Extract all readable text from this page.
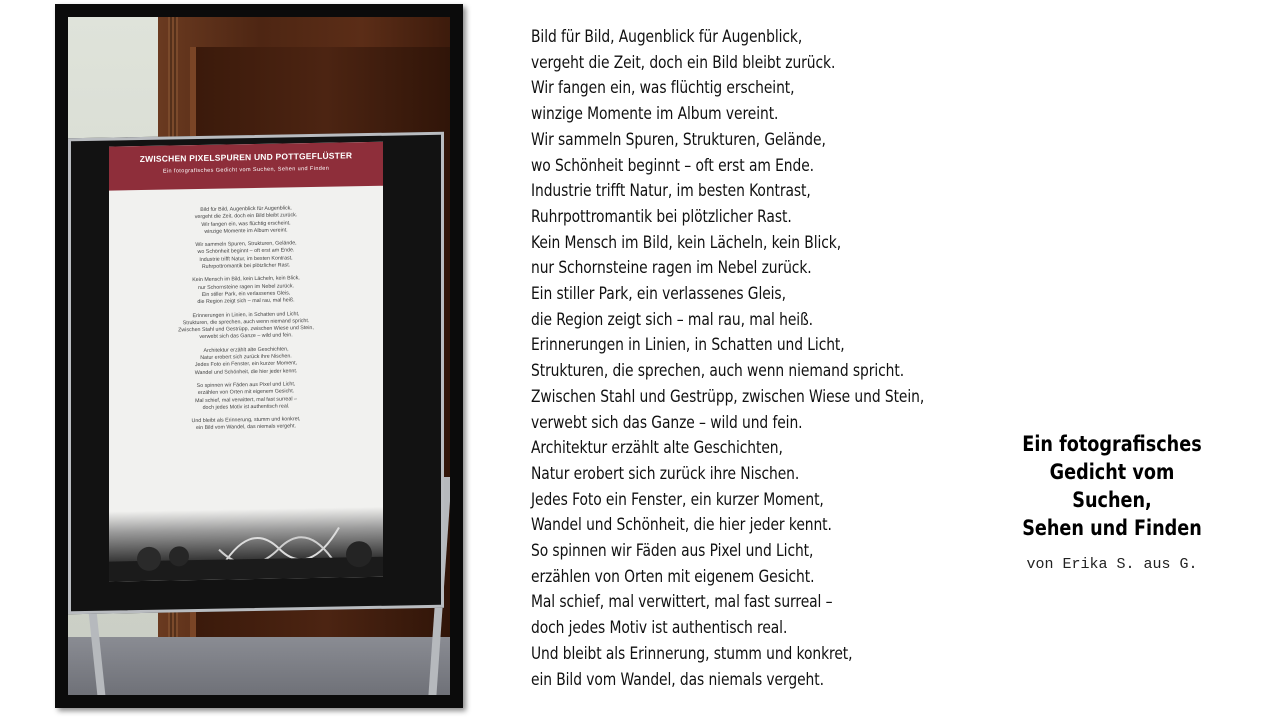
ZWISCHEN PIXELSPUREN UND POTTGEFLÜSTER
Ein fotografisches Gedicht vom Suchen, Sehen und Finden
Bild für Bild, Augenblick für Augenblick,
vergeht die Zeit, doch ein Bild bleibt zurück.
Wir fangen ein, was flüchtig erscheint,
winzige Momente im Album vereint.
Wir sammeln Spuren, Strukturen, Gelände,
wo Schönheit beginnt – oft erst am Ende.
Industrie trifft Natur, im besten Kontrast,
Ruhrpottromantik bei plötzlicher Rast.
Kein Mensch im Bild, kein Lächeln, kein Blick,
nur Schornsteine ragen im Nebel zurück.
Ein stiller Park, ein verlassenes Gleis,
die Region zeigt sich – mal rau, mal heiß.
Erinnerungen in Linien, in Schatten und Licht,
Strukturen, die sprechen, auch wenn niemand spricht.
Zwischen Stahl und Gestrüpp, zwischen Wiese und Stein,
verwebt sich das Ganze – wild und fein.
Architektur erzählt alte Geschichten,
Natur erobert sich zurück ihre Nischen.
Jedes Foto ein Fenster, ein kurzer Moment,
Wandel und Schönheit, die hier jeder kennt.
So spinnen wir Fäden aus Pixel und Licht,
erzählen von Orten mit eigenem Gesicht.
Mal schief, mal verwittert, mal fast surreal –
doch jedes Motiv ist authentisch real.
Und bleibt als Erinnerung, stumm und konkret,
ein Bild vom Wandel, das niemals vergeht.
Bild für Bild, Augenblick für Augenblick,
vergeht die Zeit, doch ein Bild bleibt zurück.
Wir fangen ein, was flüchtig erscheint,
winzige Momente im Album vereint.
Wir sammeln Spuren, Strukturen, Gelände,
wo Schönheit beginnt – oft erst am Ende.
Industrie trifft Natur, im besten Kontrast,
Ruhrpottromantik bei plötzlicher Rast.
Kein Mensch im Bild, kein Lächeln, kein Blick,
nur Schornsteine ragen im Nebel zurück.
Ein stiller Park, ein verlassenes Gleis,
die Region zeigt sich – mal rau, mal heiß.
Erinnerungen in Linien, in Schatten und Licht,
Strukturen, die sprechen, auch wenn niemand spricht.
Zwischen Stahl und Gestrüpp, zwischen Wiese und Stein,
verwebt sich das Ganze – wild und fein.
Architektur erzählt alte Geschichten,
Natur erobert sich zurück ihre Nischen.
Jedes Foto ein Fenster, ein kurzer Moment,
Wandel und Schönheit, die hier jeder kennt.
So spinnen wir Fäden aus Pixel und Licht,
erzählen von Orten mit eigenem Gesicht.
Mal schief, mal verwittert, mal fast surreal –
doch jedes Motiv ist authentisch real.
Und bleibt als Erinnerung, stumm und konkret,
ein Bild vom Wandel, das niemals vergeht.
Ein fotografisches
Gedicht vom Suchen,
Sehen und Finden
von Erika S. aus G.
